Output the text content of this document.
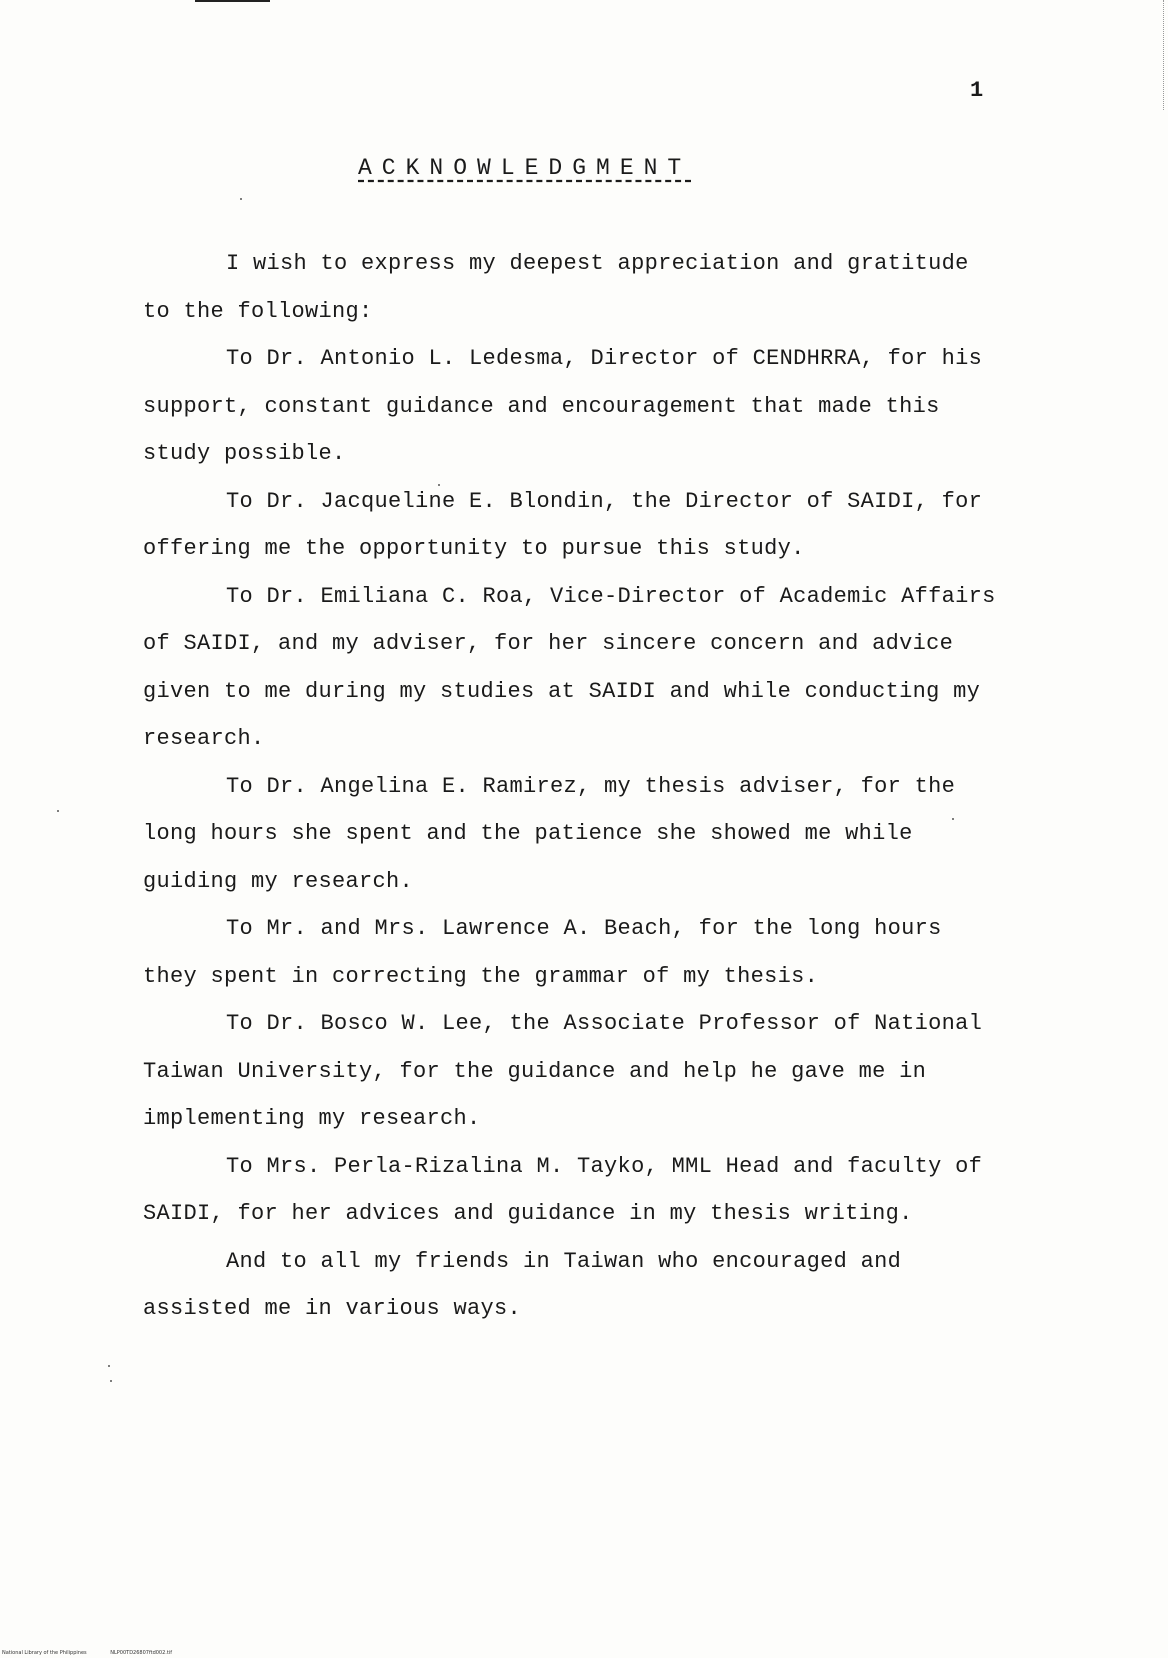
1
ACKNOWLEDGMENT

I wish to express my deepest appreciation and gratitude to the following:

To Dr. Antonio L. Ledesma, Director of CENDHRRA, for his support, constant guidance and encouragement that made this study possible.

To Dr. Jacqueline E. Blondin, the Director of SAIDI, for offering me the opportunity to pursue this study.

To Dr. Emiliana C. Roa, Vice-Director of Academic Affairs of SAIDI, and my adviser, for her sincere concern and advice given to me during my studies at SAIDI and while conducting my research.

To Dr. Angelina E. Ramirez, my thesis adviser, for the long hours she spent and the patience she showed me while guiding my research.

To Mr. and Mrs. Lawrence A. Beach, for the long hours they spent in correcting the grammar of my thesis.

To Dr. Bosco W. Lee, the Associate Professor of National Taiwan University, for the guidance and help he gave me in implementing my research.

To Mrs. Perla-Rizalina M. Tayko, MML Head and faculty of SAIDI, for her advices and guidance in my thesis writing.

And to all my friends in Taiwan who encouraged and assisted me in various ways.

National Library of the Philippines	NLP00TD26807ftd002.tif
